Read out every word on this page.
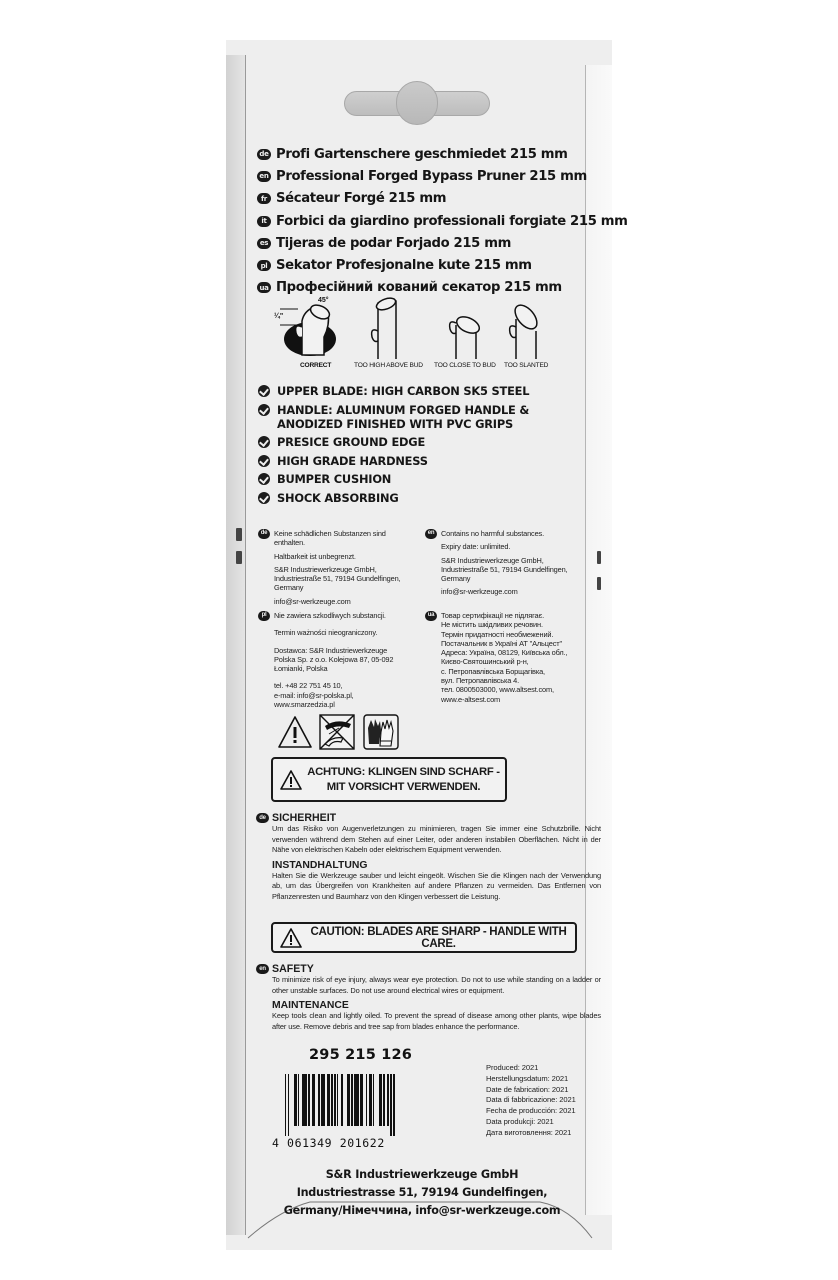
de Profi Gartenschere geschmiedet 215 mm
en Professional Forged Bypass Pruner 215 mm
fr Sécateur Forgé 215 mm
it Forbici da giardino professionali forgiate 215 mm
es Tijeras de podar Forjado 215 mm
pl Sekator Profesjonalne kute 215 mm
ua Професійний кований секатор 215 mm
45°
¼"
CORRECT	TOO HIGH ABOVE BUD TOO CLOSE TO BUD TOO SLANTED
UPPER BLADE: HIGH CARBON SK5 STEEL
HANDLE: ALUMINUM FORGED HANDLE &
ANODIZED FINISHED WITH PVC GRIPS
PRESICE GROUND EDGE
HIGH GRADE HARDNESS
BUMPER CUSHION
SHOCK ABSORBING
de Keine schädlichen Substanzen sind
enthalten.
Haltbarkeit ist unbegrenzt.
S&R Industriewerkzeuge GmbH,
Industriestraße 51, 79194 Gundelfingen,
Germany
info@sr-werkzeuge.com
en Contains no harmful substances.
Expiry date: unlimited.
S&R Industriewerkzeuge GmbH,
Industriestraße 51, 79194 Gundelfingen,
Germany
info@sr-werkzeuge.com
pl	Nie zawiera szkodliwych substancji.
Termin ważności nieograniczony.
Dostawca: S&R Industriewerkzeuge
Polska Sp. z o.o. Kolejowa 87, 05-092
Łomianki, Polska
tel. +48 22 751 45 10,
e-mail: info@sr-polska.pl,
www.smarzedzia.pl
ua Товар сертифікації не підлягає.
Не містить шкідливих речовин.
Термін придатності необмежений.
Постачальник в Україні АТ "Альцест"
Адреса: Україна, 08129, Київська обл.,
Києво-Святошинський р-н,
с. Петропавлівська Борщагівка,
вул. Петропавлівська 4.
тел. 0800503000, www.altsest.com,
www.e-altsest.com
ACHTUNG: KLINGEN SIND SCHARF -
MIT VORSICHT VERWENDEN.
de SICHERHEIT
Um das Risiko von Augenverletzungen zu minimieren, tragen Sie immer eine Schutzbrille. Nicht verwenden während dem Stehen auf einer Leiter, oder anderen instabilen Oberflächen. Nicht in der Nähe von elektrischen Kabeln oder elektrischem Equipment verwenden.
INSTANDHALTUNG
Halten Sie die Werkzeuge sauber und leicht eingeölt. Wischen Sie die Klingen nach der Verwendung ab, um das Übergreifen von Krankheiten auf andere Pflanzen zu vermeiden. Das Entfernen von Pflanzenresten und Baumharz von den Klingen verbessert die Leistung.
CAUTION: BLADES ARE SHARP - HANDLE WITH CARE.
en SAFETY
To minimize risk of eye injury, always wear eye protection. Do not to use while standing on a ladder or other unstable surfaces. Do not use around electrical wires or equipment.
MAINTENANCE
Keep tools clean and lightly oiled. To prevent the spread of disease among other plants, wipe blades after use. Remove debris and tree sap from blades enhance the performance.
295 215 126
4 061349 201622
Produced: 2021
Herstellungsdatum: 2021
Date de fabrication: 2021
Data di fabbricazione: 2021
Fecha de producción: 2021
Data produkcji: 2021
Дата виготовлення: 2021
S&R Industriewerkzeuge GmbH
Industriestrasse 51, 79194 Gundelfingen,
Germany/Німеччина, info@sr-werkzeuge.com
